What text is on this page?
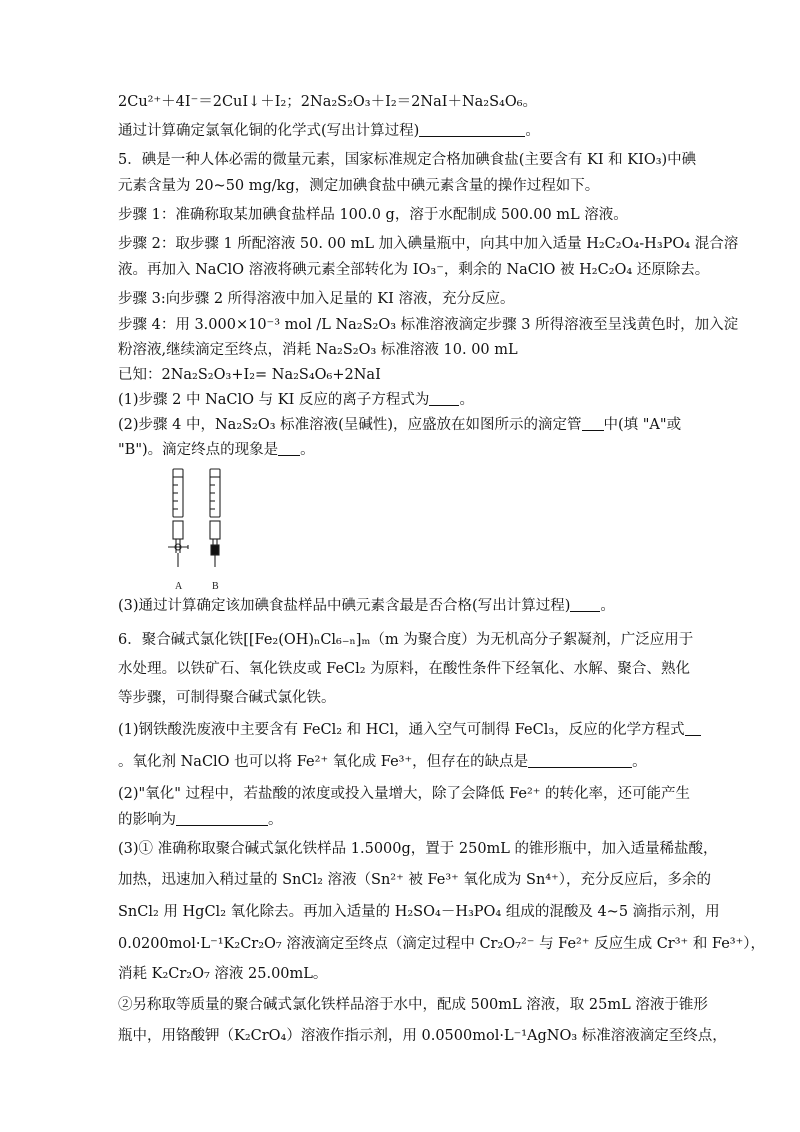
2Cu²⁺＋4I⁻＝2CuI↓＋I₂；2Na₂S₂O₃＋I₂＝2NaI＋Na₂S₄O₆。
通过计算确定氯氧化铜的化学式(写出计算过程)	。
5．碘是一种人体必需的微量元素，国家标准规定合格加碘食盐(主要含有 KI 和 KIO₃)中碘
元素含量为 20~50 mg/kg，测定加碘食盐中碘元素含量的操作过程如下。
步骤 1：准确称取某加碘食盐样品 100.0 g，溶于水配制成 500.00 mL 溶液。
步骤 2：取步骤 1 所配溶液 50. 00 mL 加入碘量瓶中，向其中加入适量 H₂C₂O₄-H₃PO₄ 混合溶
液。再加入 NaClO 溶液将碘元素全部转化为 IO₃⁻，剩余的 NaClO 被 H₂C₂O₄ 还原除去。
步骤 3:向步骤 2 所得溶液中加入足量的 KI 溶液，充分反应。
步骤 4：用 3.000×10⁻³ mol /L Na₂S₂O₃ 标准溶液滴定步骤 3 所得溶液至呈浅黄色时，加入淀
粉溶液,继续滴定至终点，消耗 Na₂S₂O₃ 标准溶液 10. 00 mL
已知：2Na₂S₂O₃+I₂= Na₂S₄O₆+2NaI
(1)步骤 2 中 NaClO 与 KI 反应的离子方程式为 。
(2)步骤 4 中，Na₂S₂O₃ 标准溶液(呈碱性)，应盛放在如图所示的滴定管 中(填 "A"或
"B")。滴定终点的现象是 。
A	B
(3)通过计算确定该加碘食盐样品中碘元素含最是否合格(写出计算过程) 。
6．聚合碱式氯化铁[[Fe₂(OH)ₙCl₆₋ₙ]ₘ（m 为聚合度）为无机高分子絮凝剂，广泛应用于
水处理。以铁矿石、氧化铁皮或 FeCl₂ 为原料，在酸性条件下经氧化、水解、聚合、熟化
等步骤，可制得聚合碱式氯化铁。
(1)钢铁酸洗废液中主要含有 FeCl₂ 和 HCl，通入空气可制得 FeCl₃，反应的化学方程式
。氧化剂 NaClO 也可以将 Fe²⁺ 氧化成 Fe³⁺，但存在的缺点是	。
(2)"氧化" 过程中，若盐酸的浓度或投入量增大，除了会降低 Fe²⁺ 的转化率，还可能产生
的影响为	。
(3)① 准确称取聚合碱式氯化铁样品 1.5000g，置于 250mL 的锥形瓶中，加入适量稀盐酸，
加热，迅速加入稍过量的 SnCl₂ 溶液（Sn²⁺ 被 Fe³⁺ 氧化成为 Sn⁴⁺），充分反应后，多余的
SnCl₂ 用 HgCl₂ 氧化除去。再加入适量的 H₂SO₄－H₃PO₄ 组成的混酸及 4~5 滴指示剂，用
0.0200mol·L⁻¹K₂Cr₂O₇ 溶液滴定至终点（滴定过程中 Cr₂O₇²⁻ 与 Fe²⁺ 反应生成 Cr³⁺ 和 Fe³⁺），
消耗 K₂Cr₂O₇ 溶液 25.00mL。
②另称取等质量的聚合碱式氯化铁样品溶于水中，配成 500mL 溶液，取 25mL 溶液于锥形
瓶中，用铬酸钾（K₂CrO₄）溶液作指示剂，用 0.0500mol·L⁻¹AgNO₃ 标准溶液滴定至终点，
